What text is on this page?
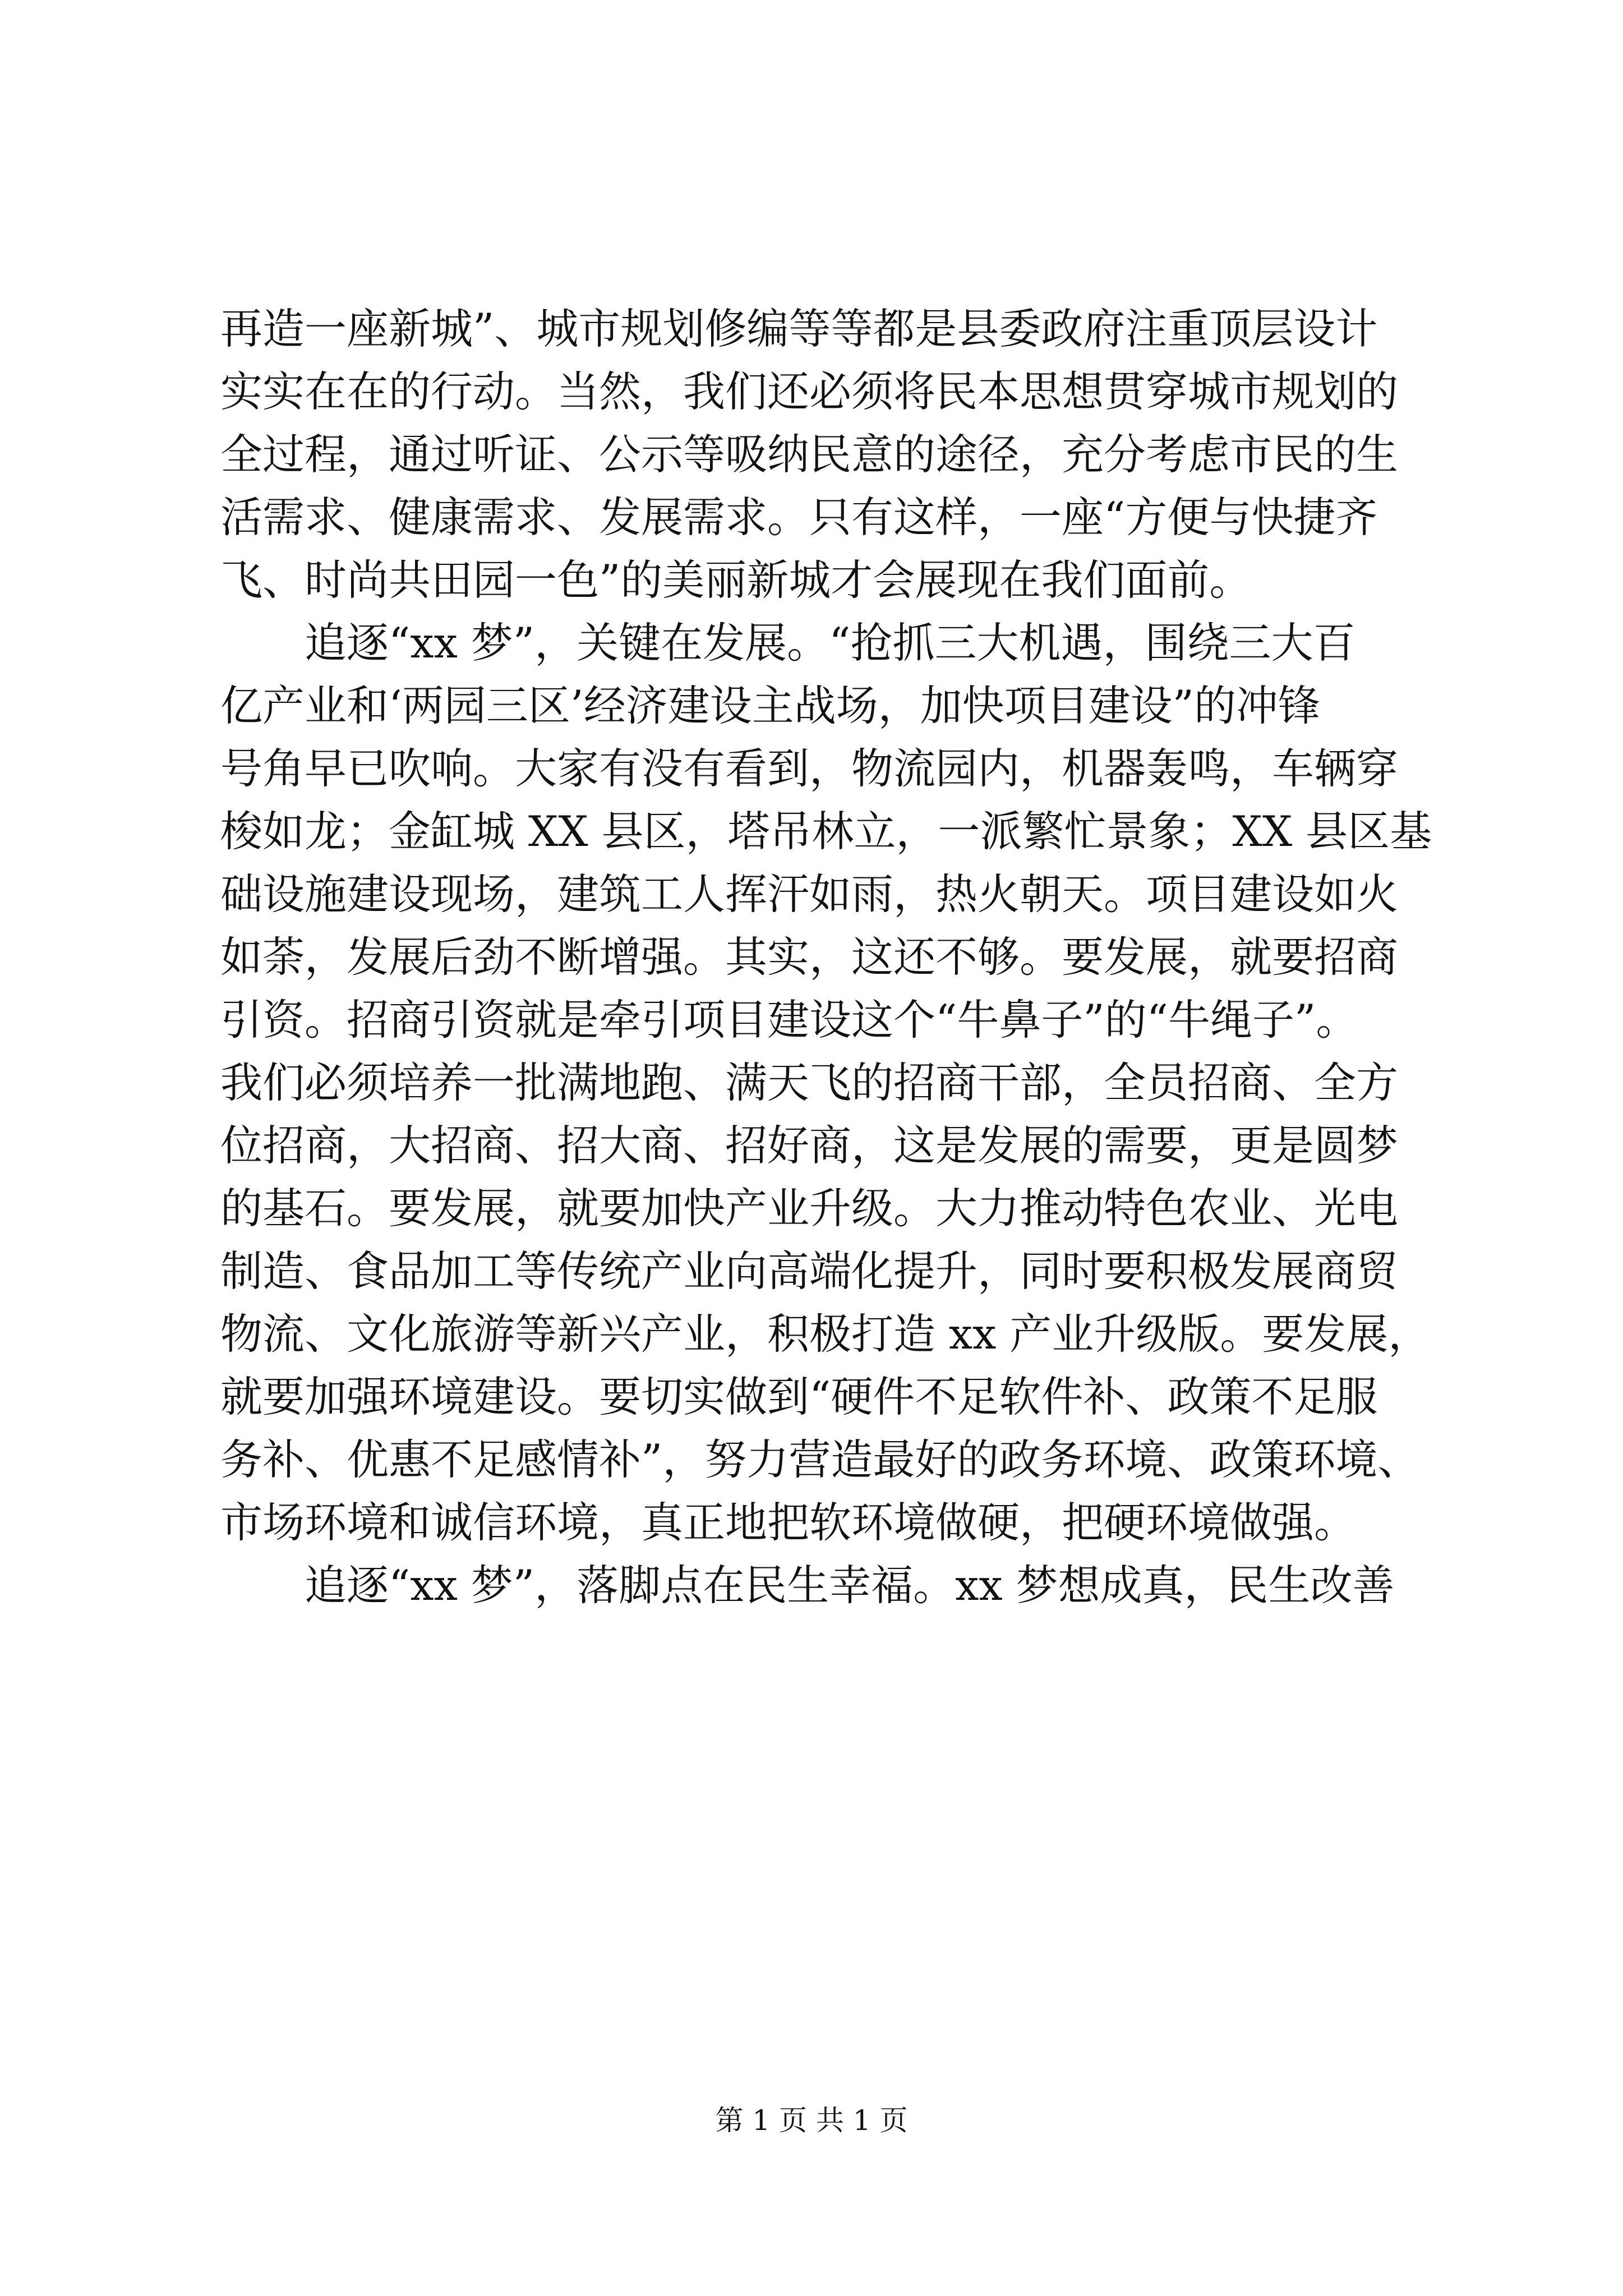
再造一座新城”、城市规划修编等等都是县委政府注重顶层设计
实实在在的行动。当然，我们还必须将民本思想贯穿城市规划的
全过程，通过听证、公示等吸纳民意的途径，充分考虑市民的生
活需求、健康需求、发展需求。只有这样，一座“方便与快捷齐
飞、时尚共田园一色”的美丽新城才会展现在我们面前。
　　追逐“xx 梦”，关键在发展。“抢抓三大机遇，围绕三大百
亿产业和‘两园三区’经济建设主战场，加快项目建设”的冲锋
号角早已吹响。大家有没有看到，物流园内，机器轰鸣，车辆穿
梭如龙；金缸城 XX 县区，塔吊林立，一派繁忙景象；XX 县区基
础设施建设现场，建筑工人挥汗如雨，热火朝天。项目建设如火
如荼，发展后劲不断增强。其实，这还不够。要发展，就要招商
引资。招商引资就是牵引项目建设这个“牛鼻子”的“牛绳子”。
我们必须培养一批满地跑、满天飞的招商干部，全员招商、全方
位招商，大招商、招大商、招好商，这是发展的需要，更是圆梦
的基石。要发展，就要加快产业升级。大力推动特色农业、光电
制造、食品加工等传统产业向高端化提升，同时要积极发展商贸
物流、文化旅游等新兴产业，积极打造 xx 产业升级版。要发展，
就要加强环境建设。要切实做到“硬件不足软件补、政策不足服
务补、优惠不足感情补”，努力营造最好的政务环境、政策环境、
市场环境和诚信环境，真正地把软环境做硬，把硬环境做强。
　　追逐“xx 梦”，落脚点在民生幸福。xx 梦想成真，民生改善
第 1 页 共 1 页
